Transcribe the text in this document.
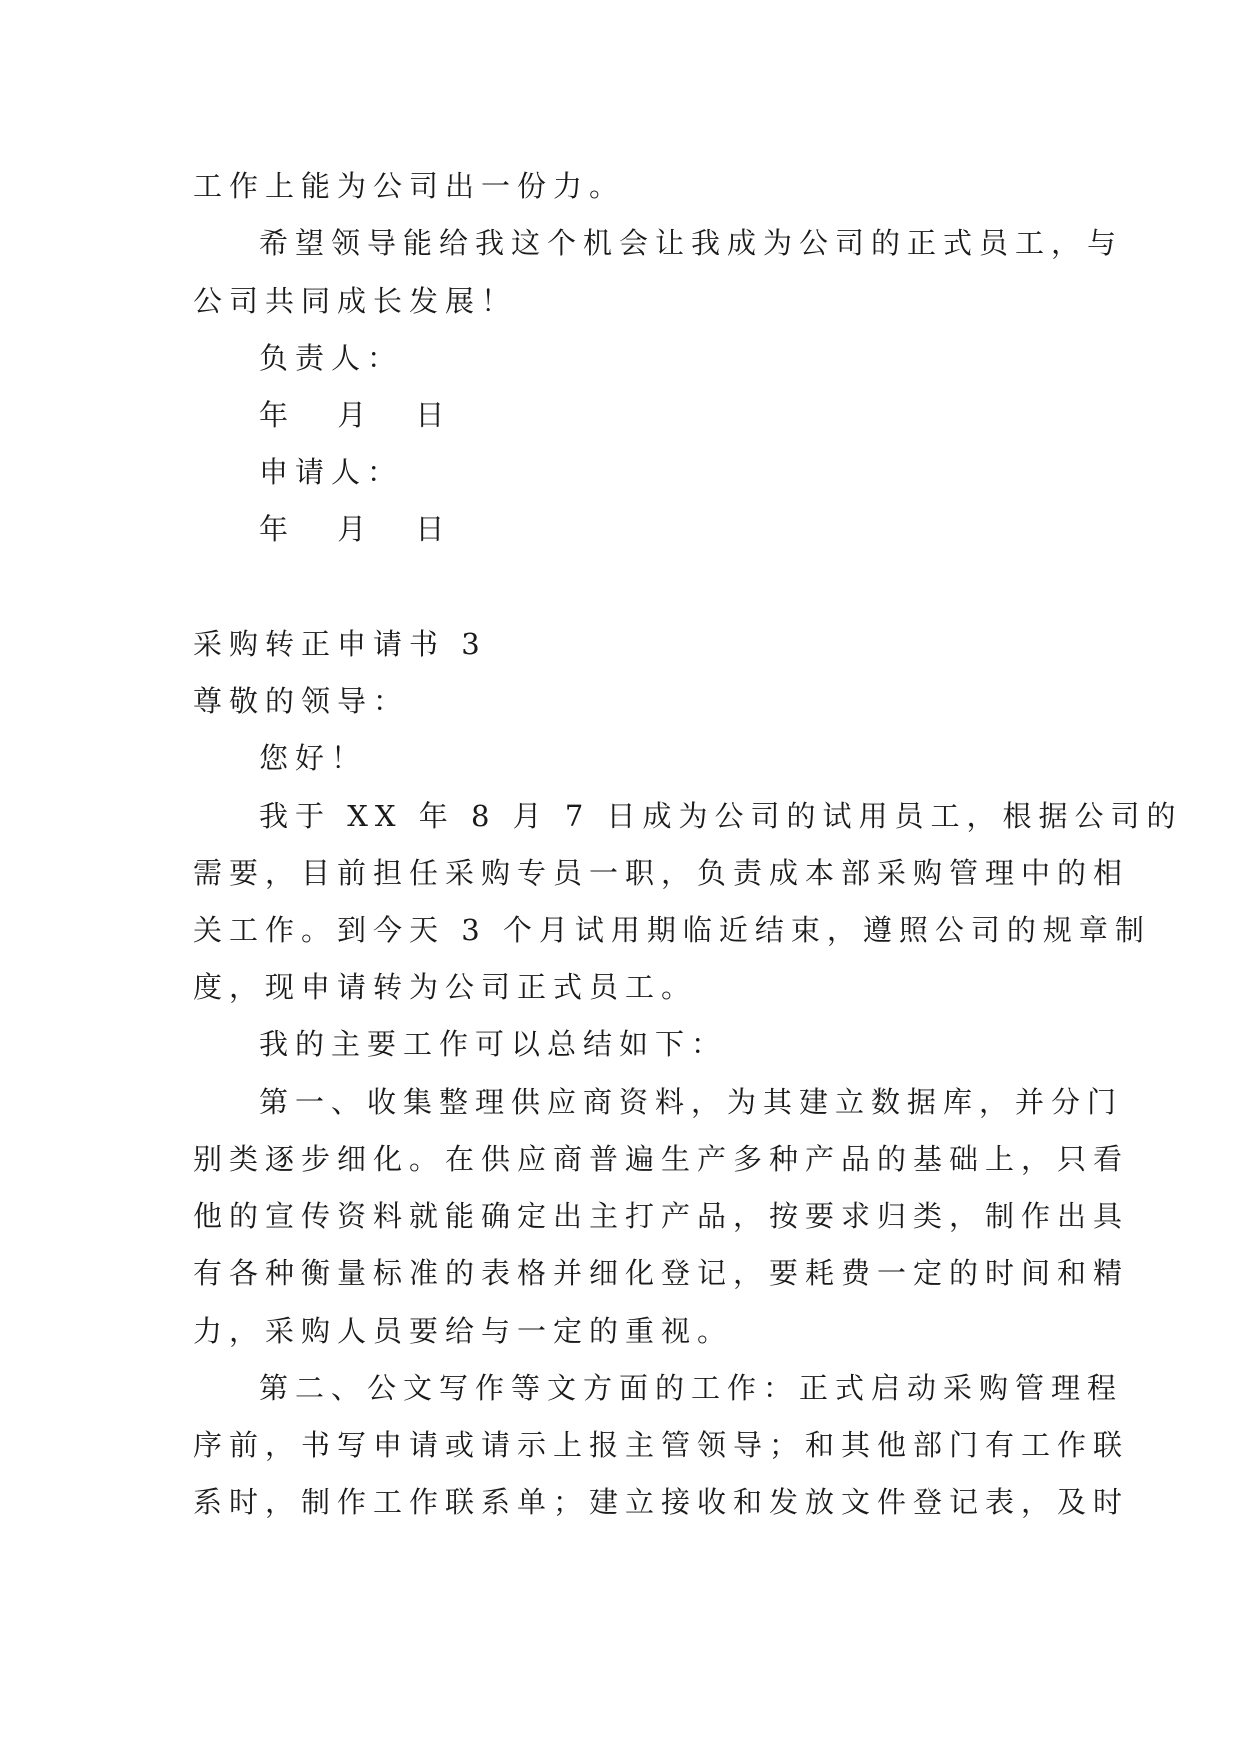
工作上能为公司出一份力。
希望领导能给我这个机会让我成为公司的正式员工，与
公司共同成长发展！
负责人：
年 月 日
申请人：
年 月 日
采购转正申请书 3
尊敬的领导：
您好！
我于 XX 年 8 月 7 日成为公司的试用员工，根据公司的
需要，目前担任采购专员一职，负责成本部采购管理中的相
关工作。到今天 3 个月试用期临近结束，遵照公司的规章制
度，现申请转为公司正式员工。
我的主要工作可以总结如下：
第一、收集整理供应商资料，为其建立数据库，并分门
别类逐步细化。在供应商普遍生产多种产品的基础上，只看
他的宣传资料就能确定出主打产品，按要求归类，制作出具
有各种衡量标准的表格并细化登记，要耗费一定的时间和精
力，采购人员要给与一定的重视。
第二、公文写作等文方面的工作：正式启动采购管理程
序前，书写申请或请示上报主管领导；和其他部门有工作联
系时，制作工作联系单；建立接收和发放文件登记表，及时
